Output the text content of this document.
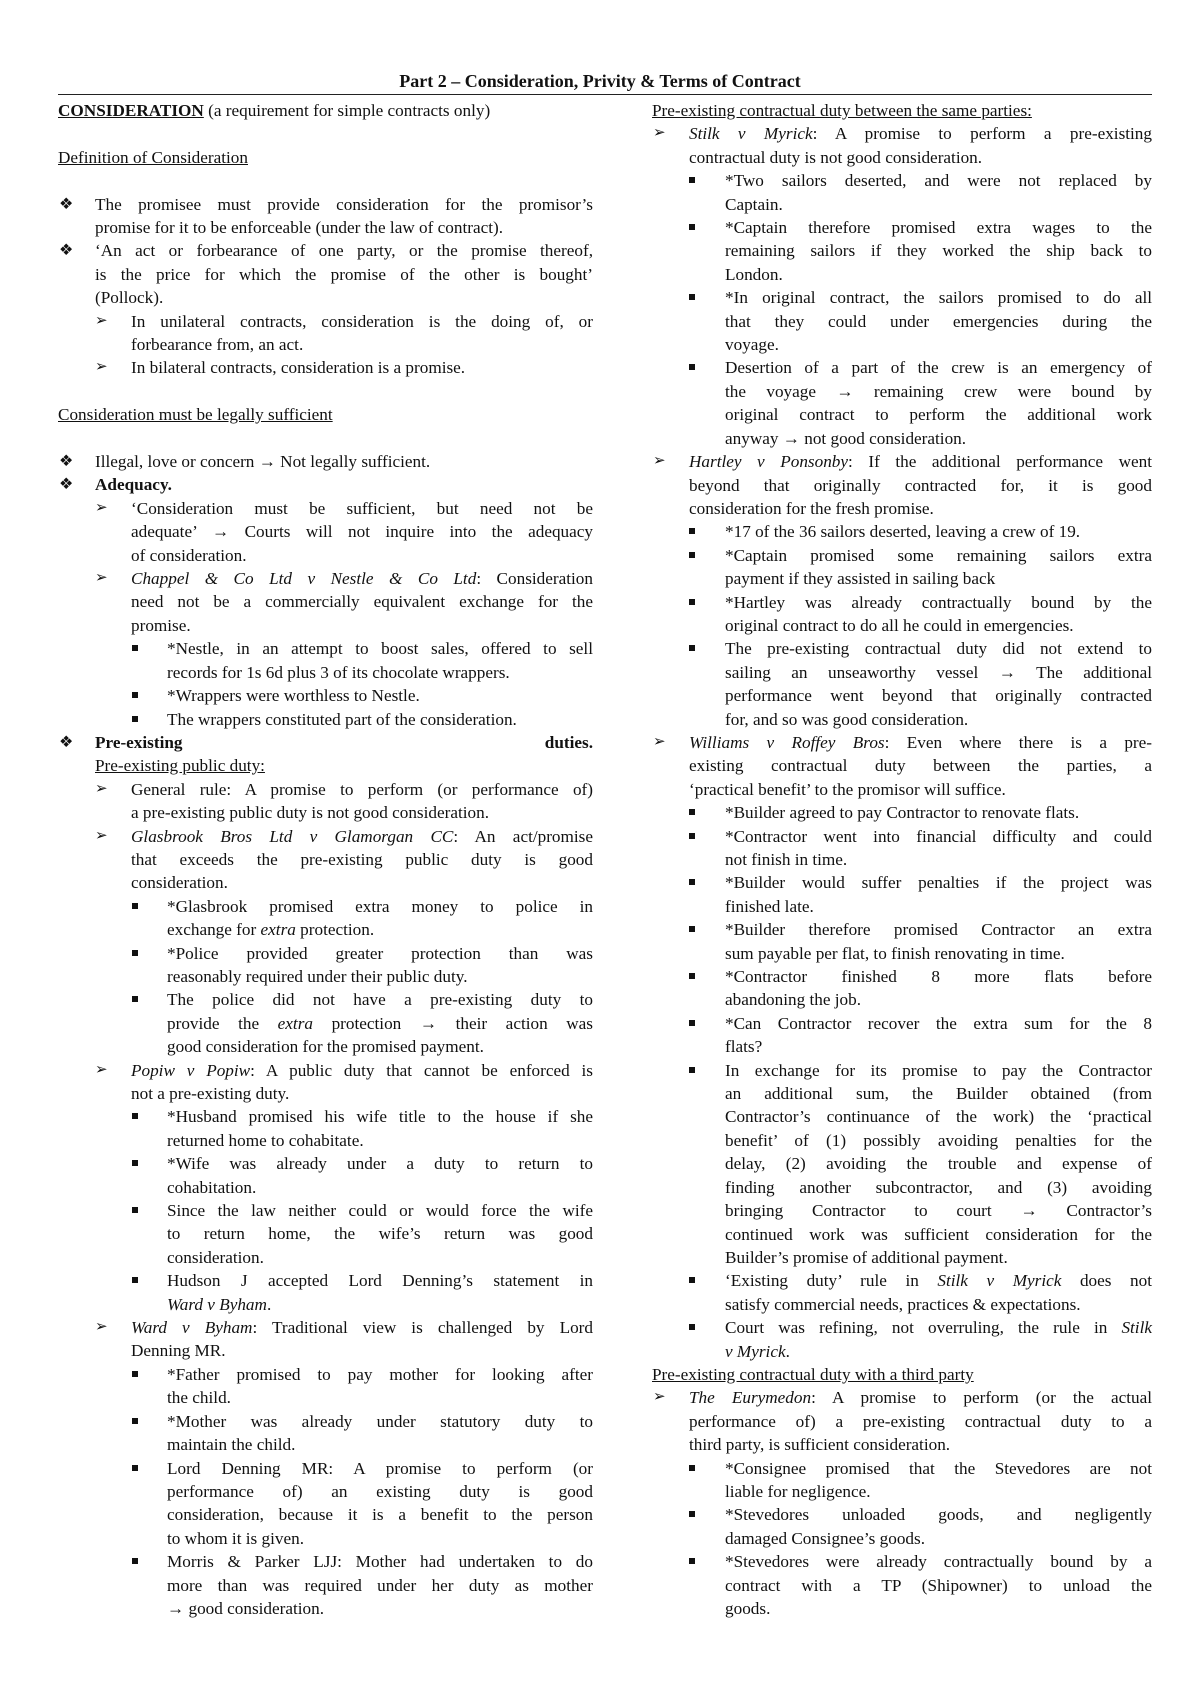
Part 2 – Consideration, Privity & Terms of Contract
CONSIDERATION (a requirement for simple contracts only)
Definition of Consideration
❖ The promisee must provide consideration for the promisor’s
promise for it to be enforceable (under the law of contract).
❖ ‘An act or forbearance of one party, or the promise thereof,
is the price for which the promise of the other is bought’
(Pollock).
➢ In unilateral contracts, consideration is the doing of, or
forbearance from, an act.
➢ In bilateral contracts, consideration is a promise.
Consideration must be legally sufficient
❖ Illegal, love or concern → Not legally sufficient.
❖ Adequacy.
➢ ‘Consideration must be sufficient, but need not be
adequate’ → Courts will not inquire into the adequacy
of consideration.
➢ Chappel & Co Ltd v Nestle & Co Ltd: Consideration
need not be a commercially equivalent exchange for the
promise.
*Nestle, in an attempt to boost sales, offered to sell
records for 1s 6d plus 3 of its chocolate wrappers.
*Wrappers were worthless to Nestle.
The wrappers constituted part of the consideration.
❖ Pre-existing duties.
Pre-existing public duty:
➢ General rule: A promise to perform (or performance of)
a pre-existing public duty is not good consideration.
➢ Glasbrook Bros Ltd v Glamorgan CC: An act/promise
that exceeds the pre-existing public duty is good
consideration.
*Glasbrook promised extra money to police in
exchange for extra protection.
*Police provided greater protection than was
reasonably required under their public duty.
The police did not have a pre-existing duty to
provide the extra protection → their action was
good consideration for the promised payment.
➢ Popiw v Popiw: A public duty that cannot be enforced is
not a pre-existing duty.
*Husband promised his wife title to the house if she
returned home to cohabitate.
*Wife was already under a duty to return to
cohabitation.
Since the law neither could or would force the wife
to return home, the wife’s return was good
consideration.
Hudson J accepted Lord Denning’s statement in
Ward v Byham.
➢ Ward v Byham: Traditional view is challenged by Lord
Denning MR.
*Father promised to pay mother for looking after
the child.
*Mother was already under statutory duty to
maintain the child.
Lord Denning MR: A promise to perform (or
performance of) an existing duty is good
consideration, because it is a benefit to the person
to whom it is given.
Morris & Parker LJJ: Mother had undertaken to do
more than was required under her duty as mother
→ good consideration.
Pre-existing contractual duty between the same parties:
➢ Stilk v Myrick: A promise to perform a pre-existing
contractual duty is not good consideration.
*Two sailors deserted, and were not replaced by
Captain.
*Captain therefore promised extra wages to the
remaining sailors if they worked the ship back to
London.
*In original contract, the sailors promised to do all
that they could under emergencies during the
voyage.
Desertion of a part of the crew is an emergency of
the voyage → remaining crew were bound by
original contract to perform the additional work
anyway → not good consideration.
➢ Hartley v Ponsonby: If the additional performance went
beyond that originally contracted for, it is good
consideration for the fresh promise.
*17 of the 36 sailors deserted, leaving a crew of 19.
*Captain promised some remaining sailors extra
payment if they assisted in sailing back
*Hartley was already contractually bound by the
original contract to do all he could in emergencies.
The pre-existing contractual duty did not extend to
sailing an unseaworthy vessel → The additional
performance went beyond that originally contracted
for, and so was good consideration.
➢ Williams v Roffey Bros: Even where there is a pre-
existing contractual duty between the parties, a
‘practical benefit’ to the promisor will suffice.
*Builder agreed to pay Contractor to renovate flats.
*Contractor went into financial difficulty and could
not finish in time.
*Builder would suffer penalties if the project was
finished late.
*Builder therefore promised Contractor an extra
sum payable per flat, to finish renovating in time.
*Contractor finished 8 more flats before
abandoning the job.
*Can Contractor recover the extra sum for the 8
flats?
In exchange for its promise to pay the Contractor
an additional sum, the Builder obtained (from
Contractor’s continuance of the work) the ‘practical
benefit’ of (1) possibly avoiding penalties for the
delay, (2) avoiding the trouble and expense of
finding another subcontractor, and (3) avoiding
bringing Contractor to court → Contractor’s
continued work was sufficient consideration for the
Builder’s promise of additional payment.
‘Existing duty’ rule in Stilk v Myrick does not
satisfy commercial needs, practices & expectations.
Court was refining, not overruling, the rule in Stilk
v Myrick.
Pre-existing contractual duty with a third party
➢ The Eurymedon: A promise to perform (or the actual
performance of) a pre-existing contractual duty to a
third party, is sufficient consideration.
*Consignee promised that the Stevedores are not
liable for negligence.
*Stevedores unloaded goods, and negligently
damaged Consignee’s goods.
*Stevedores were already contractually bound by a
contract with a TP (Shipowner) to unload the
goods.
